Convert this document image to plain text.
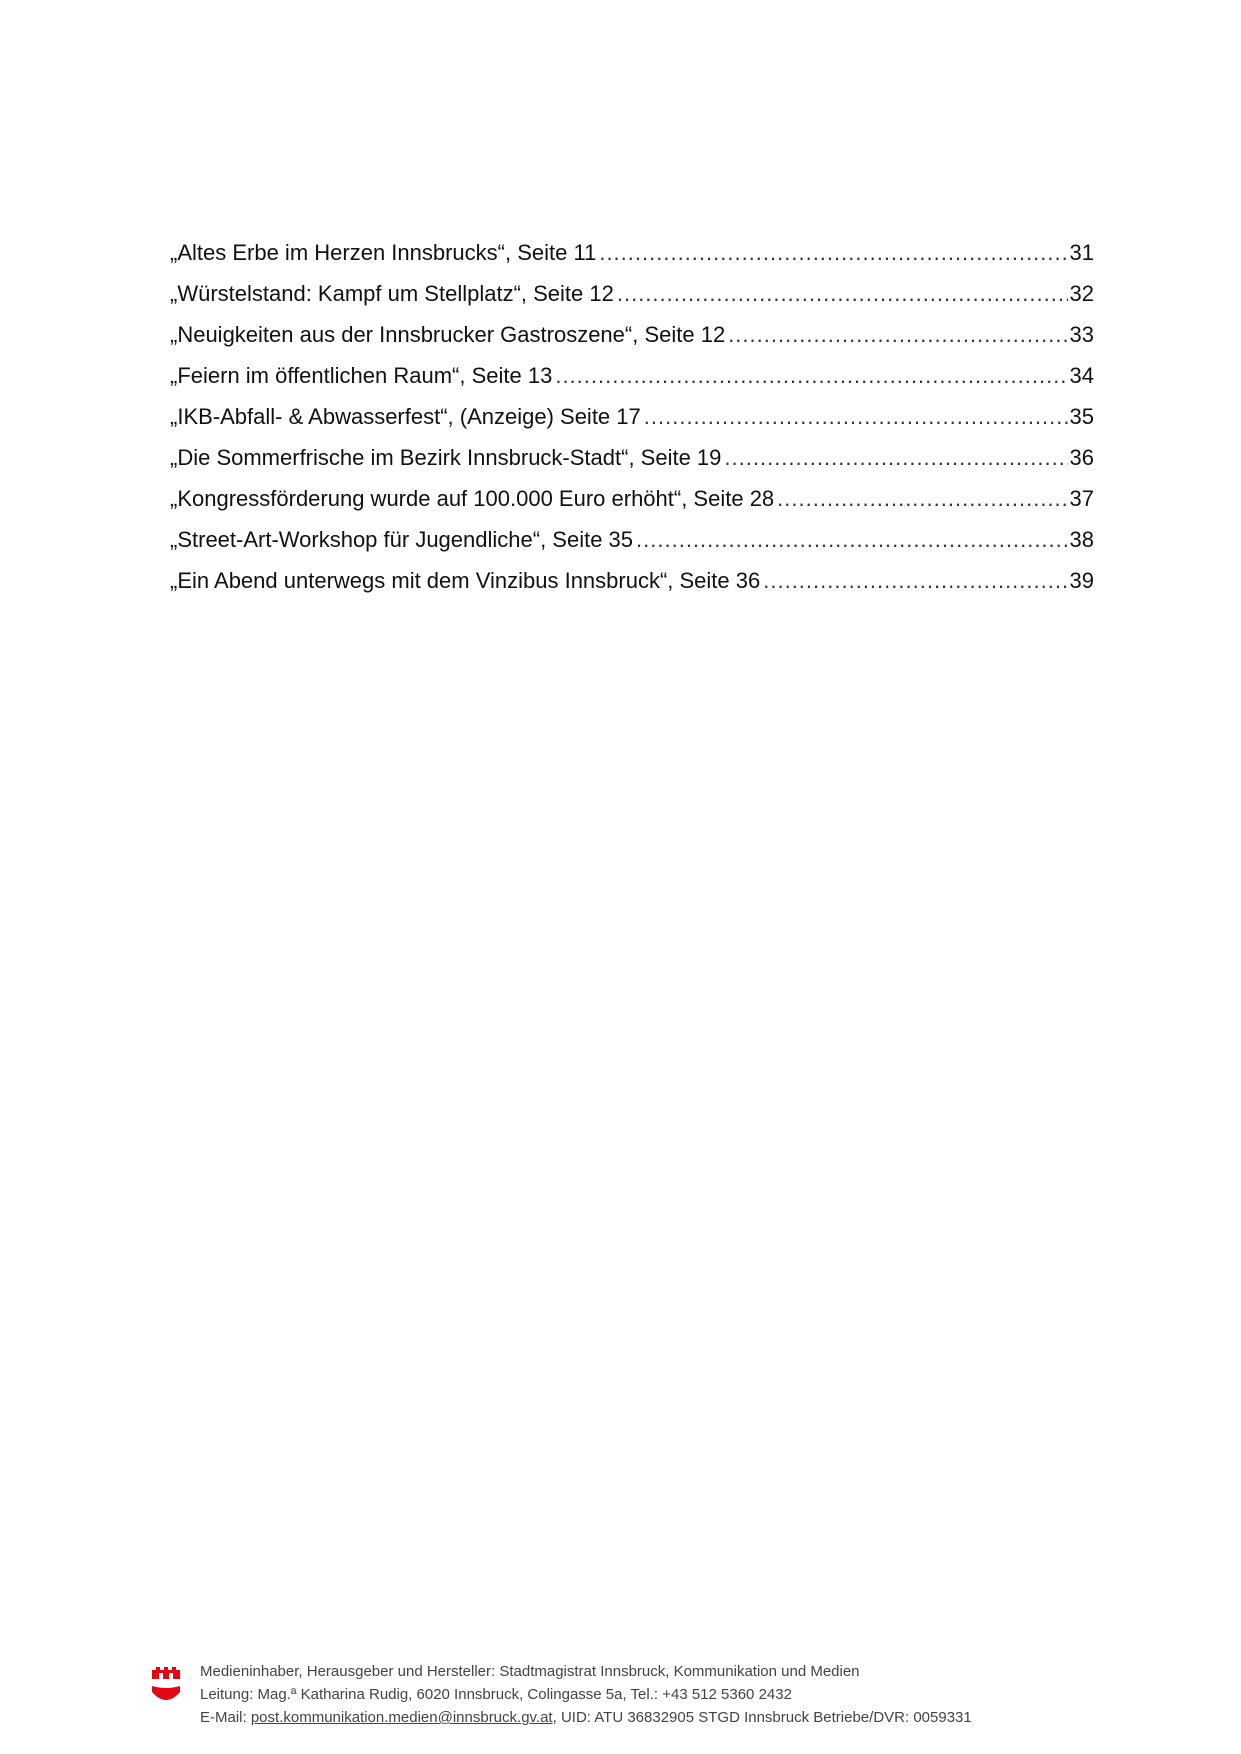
„Altes Erbe im Herzen Innsbrucks“, Seite 11 .....	31
„Würstelstand: Kampf um Stellplatz“, Seite 12 .....	32
„Neuigkeiten aus der Innsbrucker Gastroszene“, Seite 12 .....	33
„Feiern im öffentlichen Raum“, Seite 13 .....	34
„IKB-Abfall- & Abwasserfest“, (Anzeige) Seite 17 .....	35
„Die Sommerfrische im Bezirk Innsbruck-Stadt“, Seite 19 .....	36
„Kongressförderung wurde auf 100.000 Euro erhöht“, Seite 28 .....	37
„Street-Art-Workshop für Jugendliche“, Seite 35 .....	38
„Ein Abend unterwegs mit dem Vinzibus Innsbruck“, Seite 36 .....	39
Medieninhaber, Herausgeber und Hersteller: Stadtmagistrat Innsbruck, Kommunikation und Medien
Leitung: Mag.ª Katharina Rudig, 6020 Innsbruck, Colingasse 5a, Tel.: +43 512 5360 2432
E-Mail: post.kommunikation.medien@innsbruck.gv.at, UID: ATU 36832905 STGD Innsbruck Betriebe/DVR: 0059331
